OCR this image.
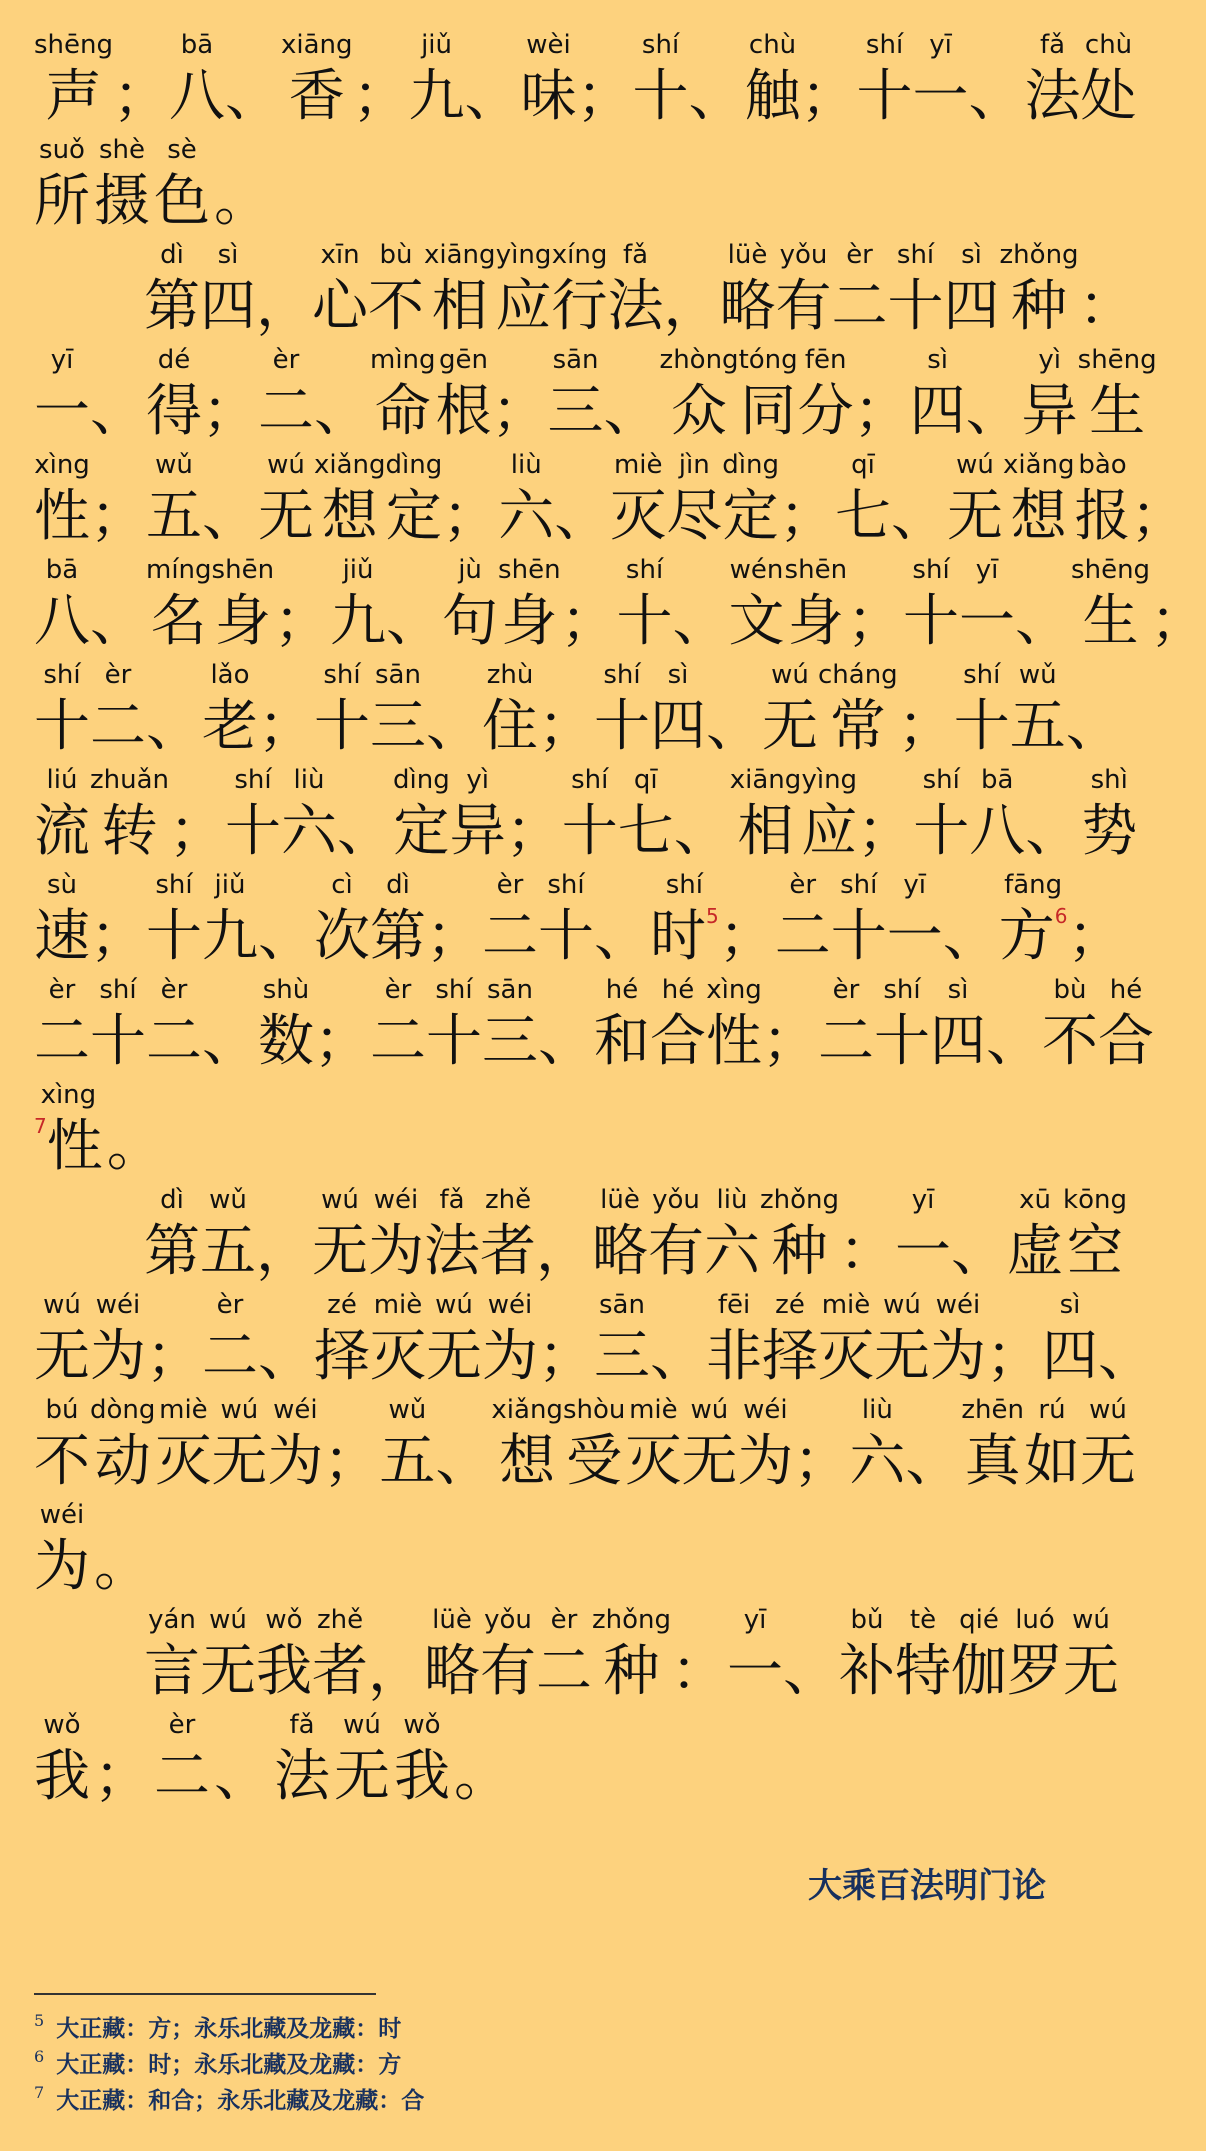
shēng
声 ；
bā
八 、
xiāng
香 ；
jiǔ
九 、
wèi
味 ；
shí
十 、
chù
触 ；
shí
十
yī
一 、
fǎ
法
chù
处
suǒ
所
shè
摄
sè
色 。
dì
第
sì
四 ，
xīn
心
bù
不
xiāng
相
yìng
应
xíng
行
fǎ
法 ，
lüè
略
yǒu
有
èr
二
shí
十
sì
四
zhǒng
种 ：
yī
一 、
dé
得 ；
èr
二 、
mìng
命
gēn
根 ；
sān
三 、
zhòng
众
tóng
同
fēn
分 ；
sì
四 、
yì
异
shēng
生
xìng
性 ；
wǔ
五 、
wú
无
xiǎng
想
dìng
定 ；
liù
六 、
miè
灭
jìn
尽
dìng
定 ；
qī
七 、
wú
无
xiǎng
想
bào
报 ；
bā
八 、
míng
名
shēn
身 ；
jiǔ
九 、
jù
句
shēn
身 ；
shí
十 、
wén
文
shēn
身 ；
shí
十
yī
一 、
shēng
生 ；
shí
十
èr
二 、
lǎo
老 ；
shí
十
sān
三 、
zhù
住 ；
shí
十
sì
四 、
wú
无
cháng
常 ；
shí
十
wǔ
五 、
liú
流
zhuǎn
转 ；
shí
十
liù
六 、
dìng
定
yì
异 ；
shí
十
qī
七 、
xiāng
相
yìng
应 ；
shí
十
bā
八 、
shì
势
sù
速 ；
shí
十
jiǔ
九 、
cì
次
dì
第 ；
èr
二
shí
十 、
shí
时$^5$ ；
èr
二
shí
十
yī
一 、
fāng
方$^6$ ；
èr
二
shí
十
èr
二 、
shù
数 ；
èr
二
shí
十
sān
三 、
hé
和
hé
合
xìng
性 ；
èr
二
shí
十
sì
四 、
bù
不
hé
合
xìng
$^7$性 。
dì
第
wǔ
五 ，
wú
无
wéi
为
fǎ
法
zhě
者 ，
lüè
略
yǒu
有
liù
六
zhǒng
种 ：
yī
一 、
xū
虚
kōng
空
wú
无
wéi
为 ；
èr
二 、
zé
择
miè
灭
wú
无
wéi
为 ；
sān
三 、
fēi
非
zé
择
miè
灭
wú
无
wéi
为 ；
sì
四 、
bú
不
dòng
动
miè
灭
wú
无
wéi
为 ；
wǔ
五 、
xiǎng
想
shòu
受
miè
灭
wú
无
wéi
为 ；
liù
六 、
zhēn
真
rú
如
wú
无
wéi
为 。
yán
言
wú
无
wǒ
我
zhě
者 ，
lüè
略
yǒu
有
èr
二
zhǒng
种 ：
yī
一 、
bǔ
补
tè
特
qié
伽
luó
罗
wú
无
wǒ
我 ；
èr
二 、
fǎ
法
wú
无
wǒ
我 。
大乘百法明门论
$^5$ 大正藏：方；永乐北藏及龙藏：时
$^6$ 大正藏：时；永乐北藏及龙藏：方
$^7$ 大正藏：和合；永乐北藏及龙藏：合
